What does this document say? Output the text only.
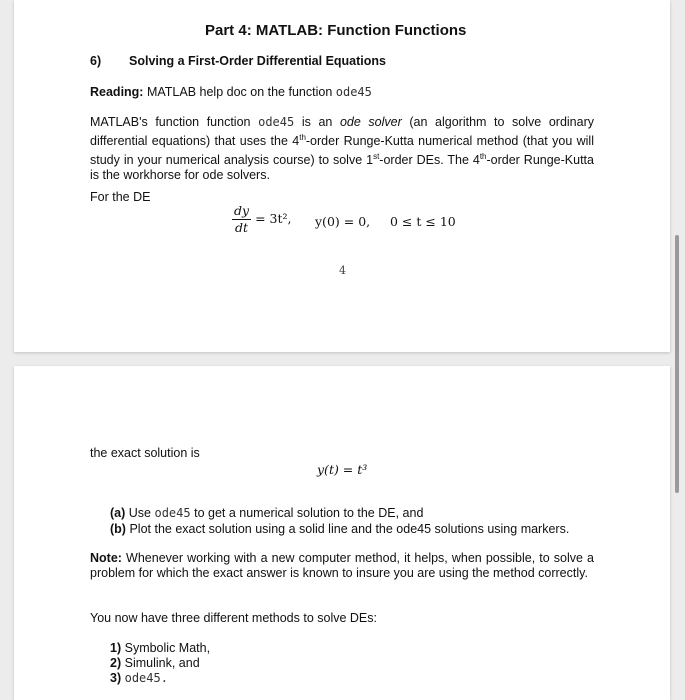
Part 4: MATLAB: Function Functions
6) Solving a First-Order Differential Equations
Reading: MATLAB help doc on the function ode45
MATLAB's function function ode45 is an ode solver (an algorithm to solve ordinary differential equations) that uses the 4th-order Runge-Kutta numerical method (that you will study in your numerical analysis course) to solve 1st-order DEs. The 4th-order Runge-Kutta is the workhorse for ode solvers.
For the DE
$\frac{dy}{dt} = 3t^2$, y(0) = 0, 0 ≤ t ≤ 10
4
the exact solution is
y(t) = t³
(a) Use ode45 to get a numerical solution to the DE, and
(b) Plot the exact solution using a solid line and the ode45 solutions using markers.
Note: Whenever working with a new computer method, it helps, when possible, to solve a problem for which the exact answer is known to insure you are using the method correctly.
You now have three different methods to solve DEs:
1) Symbolic Math,
2) Simulink, and
3) ode45.
